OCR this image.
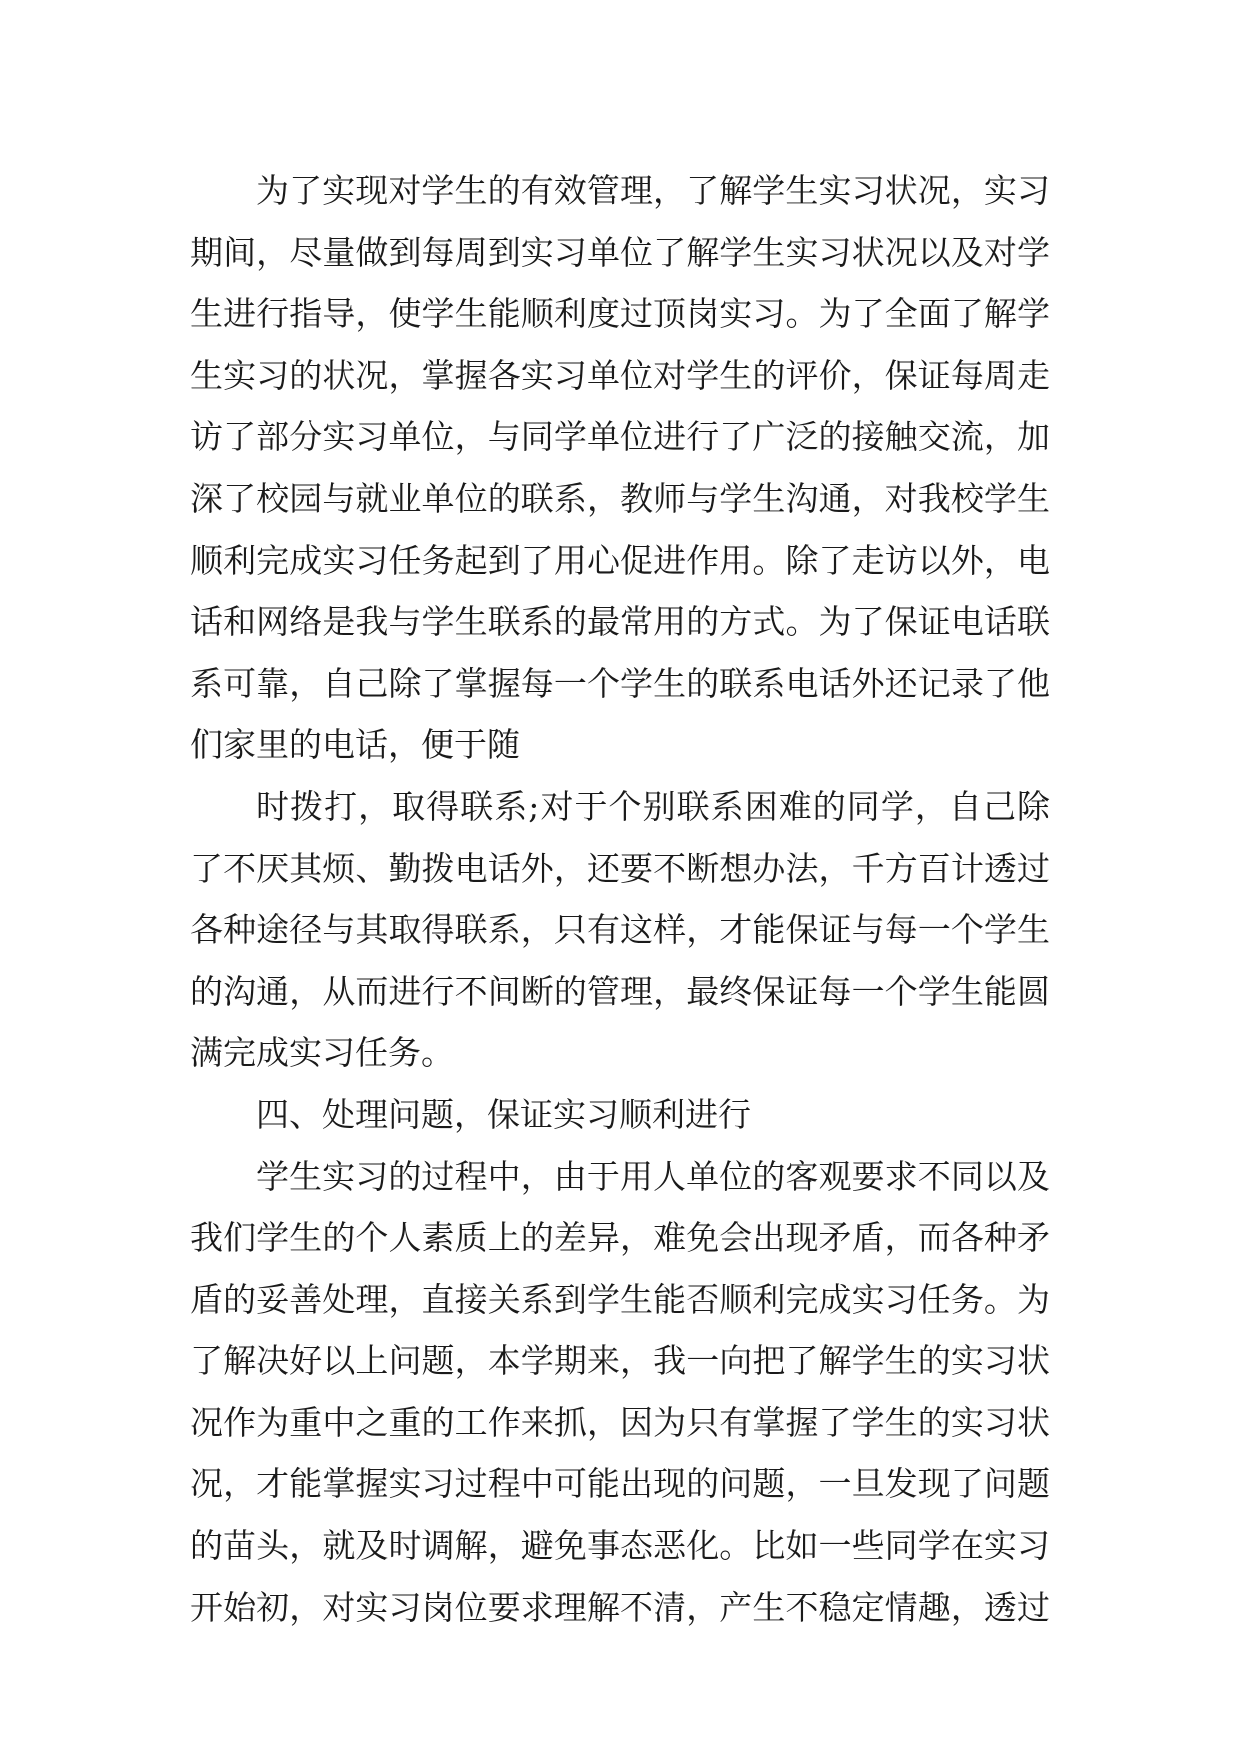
为了实现对学生的有效管理，了解学生实习状况，实习
期间，尽量做到每周到实习单位了解学生实习状况以及对学
生进行指导，使学生能顺利度过顶岗实习。为了全面了解学
生实习的状况，掌握各实习单位对学生的评价，保证每周走
访了部分实习单位，与同学单位进行了广泛的接触交流，加
深了校园与就业单位的联系，教师与学生沟通，对我校学生
顺利完成实习任务起到了用心促进作用。除了走访以外，电
话和网络是我与学生联系的最常用的方式。为了保证电话联
系可靠，自己除了掌握每一个学生的联系电话外还记录了他
们家里的电话，便于随
时拨打，取得联系;对于个别联系困难的同学，自己除
了不厌其烦、勤拨电话外，还要不断想办法，千方百计透过
各种途径与其取得联系，只有这样，才能保证与每一个学生
的沟通，从而进行不间断的管理，最终保证每一个学生能圆
满完成实习任务。
四、处理问题，保证实习顺利进行
学生实习的过程中，由于用人单位的客观要求不同以及
我们学生的个人素质上的差异，难免会出现矛盾，而各种矛
盾的妥善处理，直接关系到学生能否顺利完成实习任务。为
了解决好以上问题，本学期来，我一向把了解学生的实习状
况作为重中之重的工作来抓，因为只有掌握了学生的实习状
况，才能掌握实习过程中可能出现的问题，一旦发现了问题
的苗头，就及时调解，避免事态恶化。比如一些同学在实习
开始初，对实习岗位要求理解不清，产生不稳定情趣，透过
